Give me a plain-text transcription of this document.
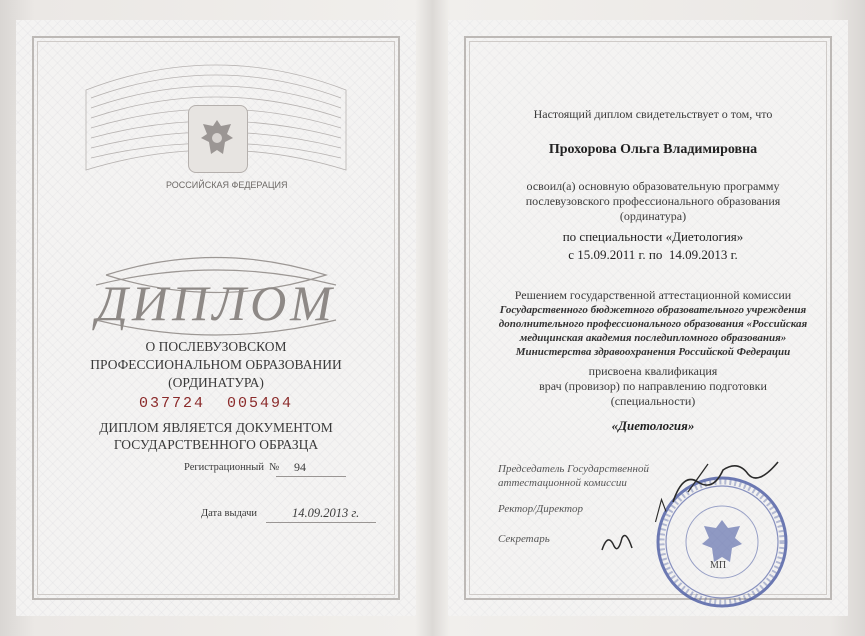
РОССИЙСКАЯ ФЕДЕРАЦИЯ
ДИПЛОМ
О ПОСЛЕВУЗОВСКОМ
ПРОФЕССИОНАЛЬНОМ ОБРАЗОВАНИИ
(ОРДИНАТУРА)
037724  005494
ДИПЛОМ ЯВЛЯЕТСЯ ДОКУМЕНТОМ
ГОСУДАРСТВЕННОГО ОБРАЗЦА
Регистрационный  № 94
Дата выдачи	14.09.2013 г.
Настоящий диплом свидетельствует о том, что
Прохорова Ольга Владимировна
освоил(а) основную образовательную программу
послевузовского профессионального образования
(ординатура)
по специальности «Диетология»
с 15.09.2011 г. по  14.09.2013 г.
Решением государственной аттестационной комиссии
Государственного бюджетного образовательного учреждения
дополнительного профессионального образования «Российская
медицинская академия последипломного образования»
Министерства здравоохранения Российской Федерации
присвоена квалификация
врач (провизор) по направлению подготовки
(специальности)
«Диетология»
Председатель Государственной
аттестационной комиссии
Ректор/Директор
Секретарь
МП
